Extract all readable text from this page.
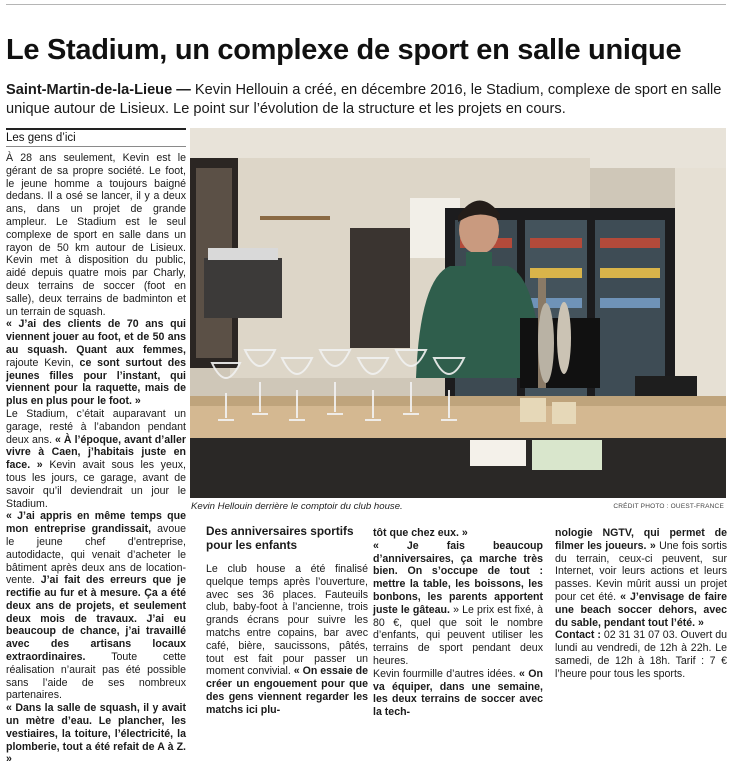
Le Stadium, un complexe de sport en salle unique
Saint-Martin-de-la-Lieue — Kevin Hellouin a créé, en décembre 2016, le Stadium, complexe de sport en salle unique autour de Lisieux. Le point sur l’évolution de la structure et les projets en cours.
Les gens d’ici

À 28 ans seulement, Kevin est le gérant de sa propre société. Le foot, le jeune homme a toujours baigné dedans. Il a osé se lancer, il y a deux ans, dans un projet de grande ampleur. Le Stadium est le seul complexe de sport en salle dans un rayon de 50 km autour de Lisieux. Kevin met à disposition du public, aidé depuis quatre mois par Charly, deux terrains de soccer (foot en salle), deux terrains de badminton et un terrain de squash.

« J’ai des clients de 70 ans qui viennent jouer au foot, et de 50 ans au squash. Quant aux femmes, rajoute Kevin, ce sont surtout des jeunes filles pour l’instant, qui viennent pour la raquette, mais de plus en plus pour le foot. »

Le Stadium, c’était auparavant un garage, resté à l’abandon pendant deux ans. « À l’époque, avant d’aller vivre à Caen, j’habitais juste en face. » Kevin avait sous les yeux, tous les jours, ce garage, avant de savoir qu’il deviendrait un jour le Stadium.

« J’ai appris en même temps que mon entreprise grandissait, avoue le jeune chef d’entreprise, autodidacte, qui venait d’acheter le bâtiment après deux ans de location-vente. J’ai fait des erreurs que je rectifie au fur et à mesure. Ça a été deux ans de projets, et seulement deux mois de travaux. J’ai eu beaucoup de chance, j’ai travaillé avec des artisans locaux extraordinaires. Toute cette réalisation n’aurait pas été possible sans l’aide de ses nombreux partenaires.

« Dans la salle de squash, il y avait un mètre d’eau. Le plancher, les vestiaires, la toiture, l’électricité, la plomberie, tout a été refait de A à Z. »

Kevin Hellouin derrière le comptoir du club house.	CRÉDIT PHOTO : OUEST-FRANCE
Des anniversaires sportifs pour les enfants

Le club house a été finalisé quelque temps après l’ouverture, avec ses 36 places. Fauteuils club, baby-foot à l’ancienne, trois grands écrans pour suivre les matchs entre copains, bar avec café, bière, saucissons, pâtés, tout est fait pour passer un moment convivial. « On essaie de créer un engouement pour que des gens viennent regarder les matchs ici plu-

tôt que chez eux. »

« Je fais beaucoup d’anniversaires, ça marche très bien. On s’occupe de tout : mettre la table, les boissons, les bonbons, les parents apportent juste le gâteau. » Le prix est fixé, à 80 €, quel que soit le nombre d’enfants, qui peuvent utiliser les terrains de sport pendant deux heures.

Kevin fourmille d’autres idées. « On va équiper, dans une semaine, les deux terrains de soccer avec la tech-

nologie NGTV, qui permet de filmer les joueurs. » Une fois sortis du terrain, ceux-ci peuvent, sur Internet, voir leurs actions et leurs passes. Kevin mûrit aussi un projet pour cet été. « J’envisage de faire une beach soccer dehors, avec du sable, pendant tout l’été. »

Contact : 02 31 31 07 03. Ouvert du lundi au vendredi, de 12h à 22h. Le samedi, de 12h à 18h. Tarif : 7 € l’heure pour tous les sports.
